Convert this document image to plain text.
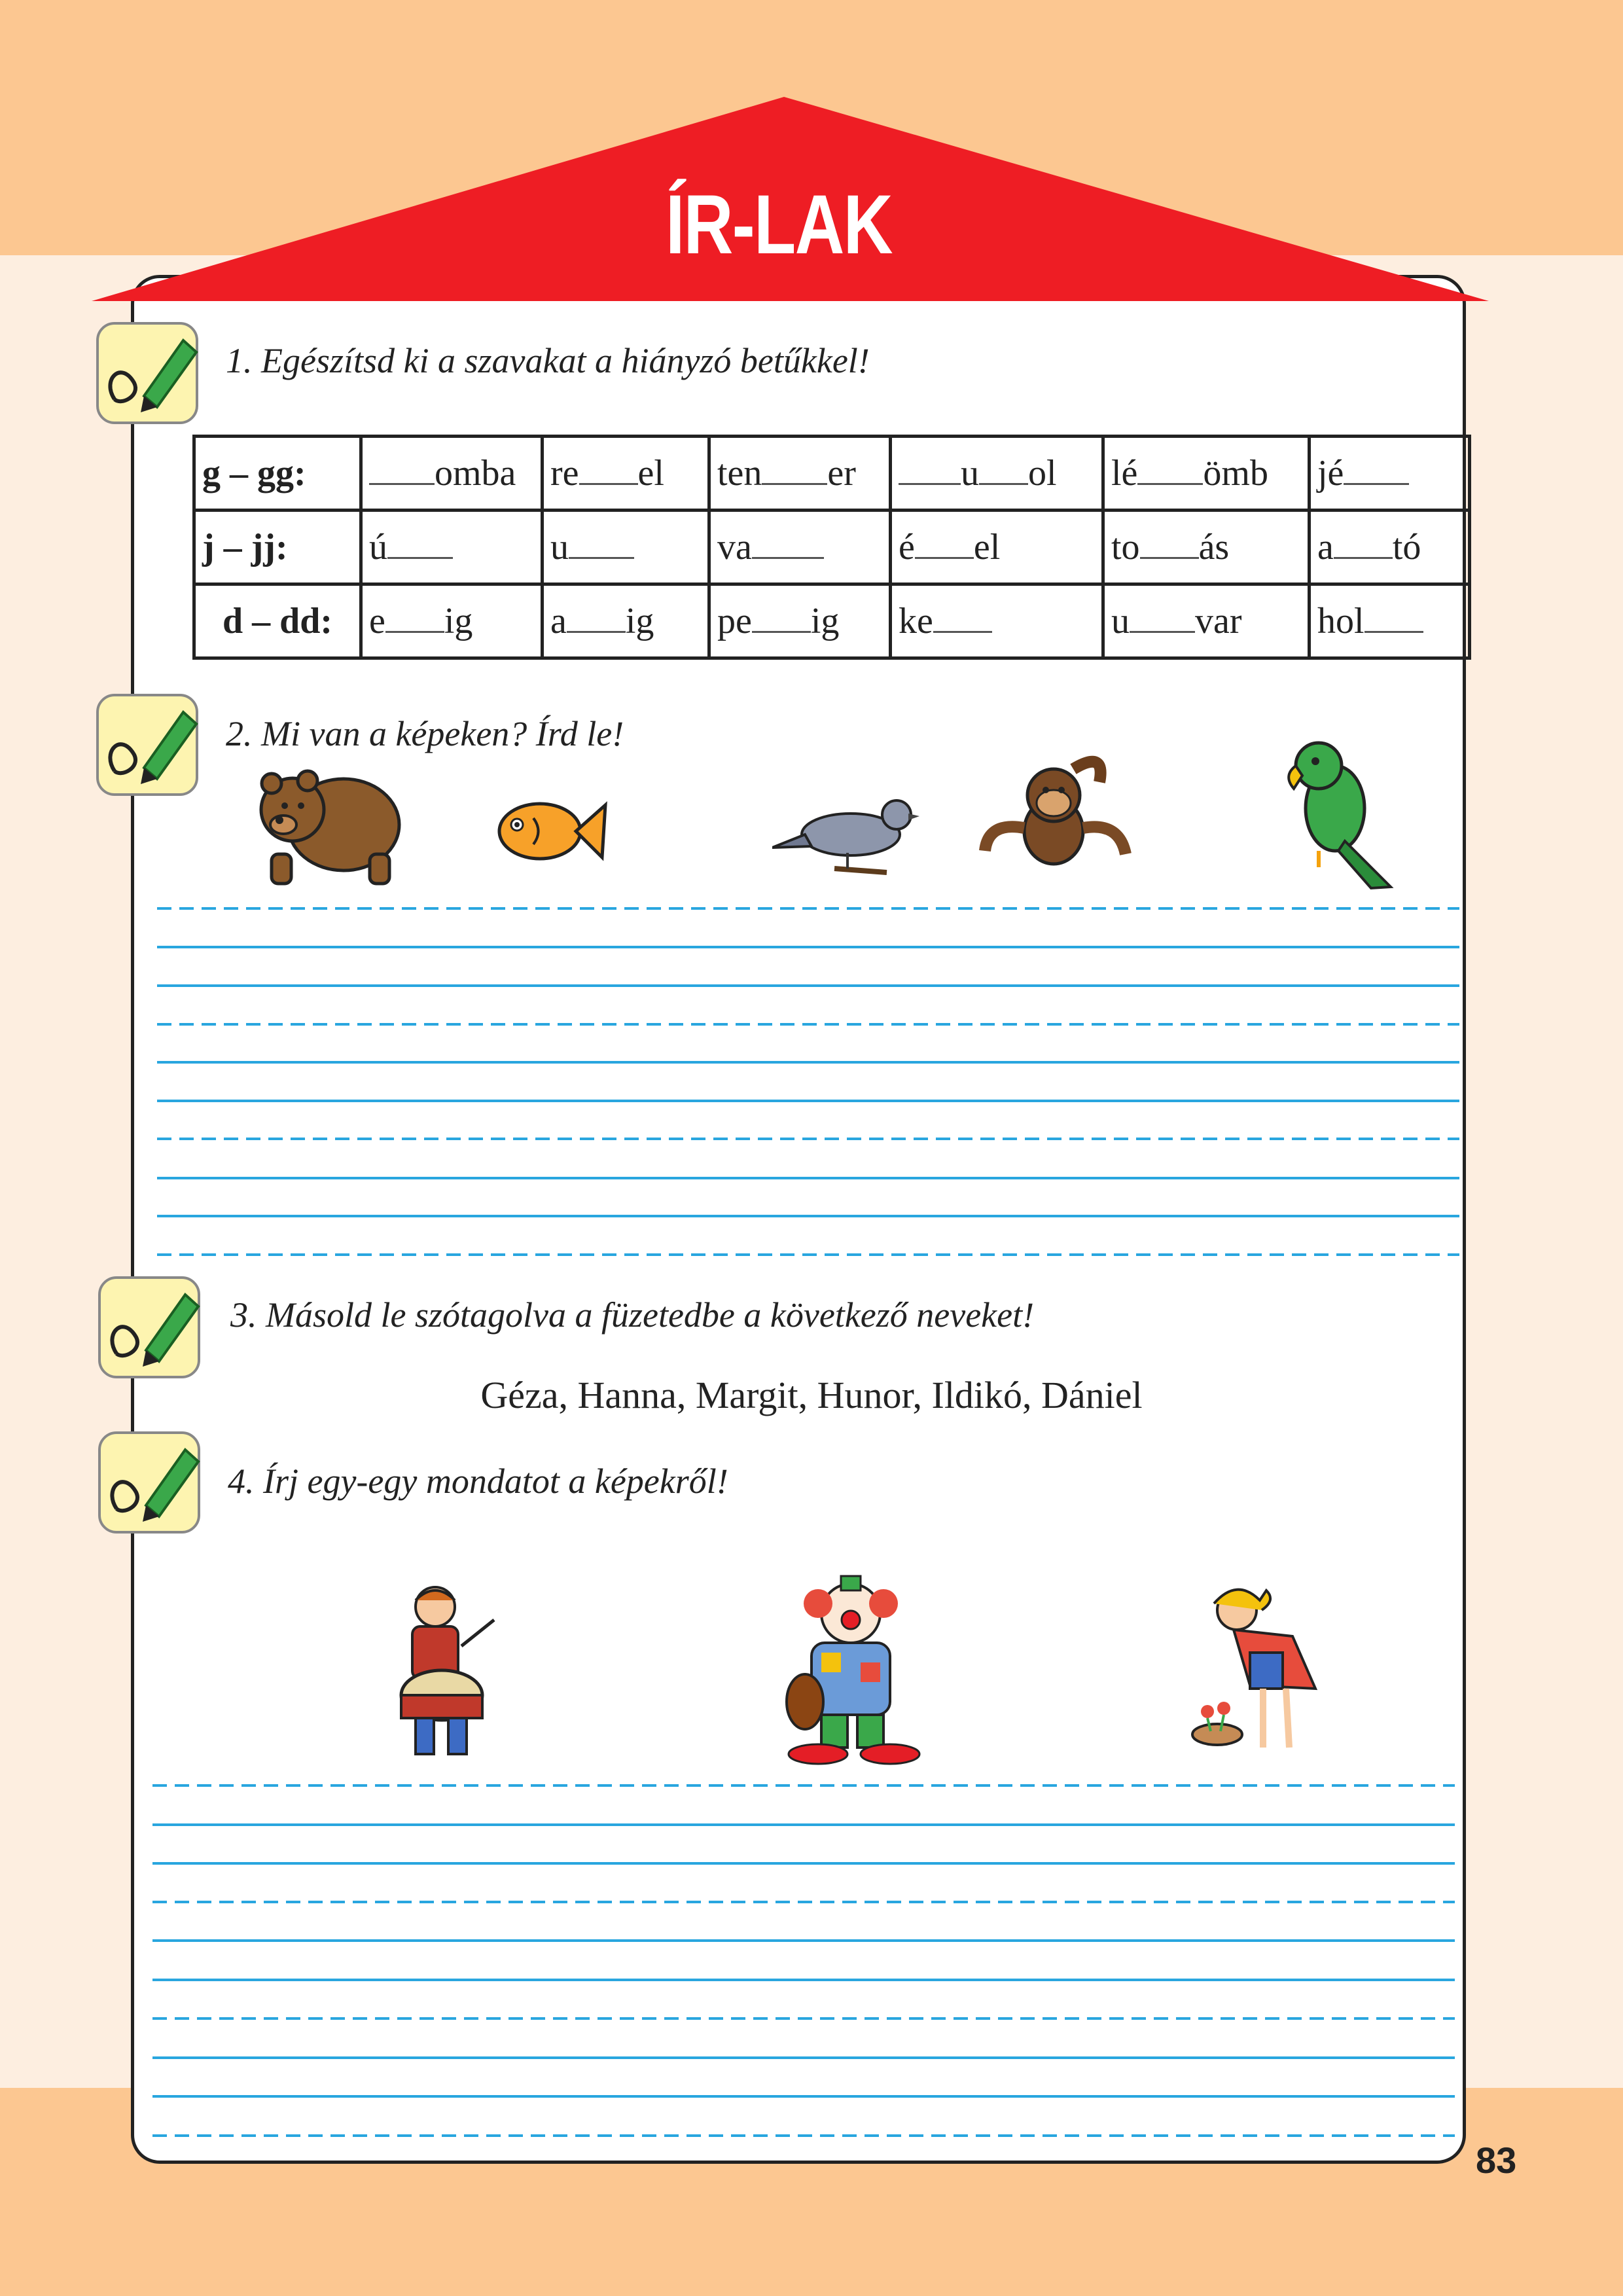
ÍR-LAK
1. Egészítsd ki a szavakat a hiányzó betűkkel!
2. Mi van a képeken? Írd le!
3. Másold le szótagolva a füzetedbe a következő neveket!
Géza, Hanna, Margit, Hunor, Ildikó, Dániel
4. Írj egy-egy mondatot a képekről!
g – gg:	omba	re el	ten er	u ol	lé ömb	jé
j – jj:	ú	u	va	é el	to ás	a tó
d – dd:	e ig	a ig	pe ig	ke	u var	hol
83
